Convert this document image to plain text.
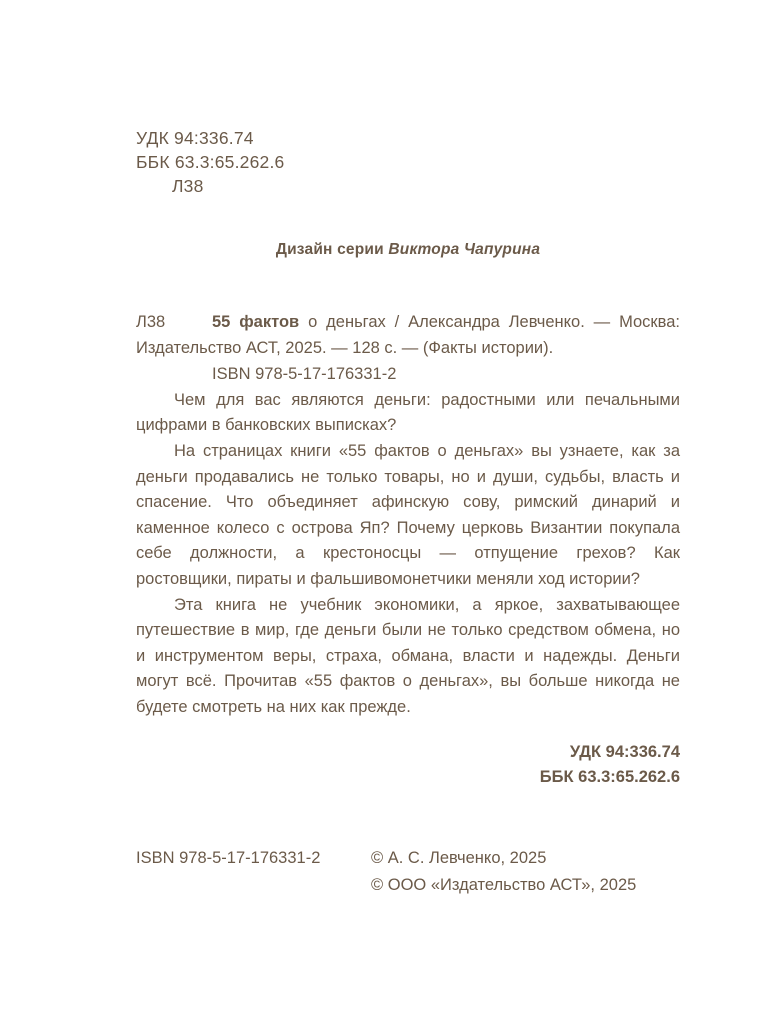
УДК 94:336.74
ББК 63.3:65.262.6
Л38
Дизайн серии Виктора Чапурина
Л38	55 фактов о деньгах / Александра Левченко. — Москва: Издательство АСТ, 2025. — 128 с. — (Факты истории).
ISBN 978-5-17-176331-2
Чем для вас являются деньги: радостными или печальными цифрами в банковских выписках?
На страницах книги «55 фактов о деньгах» вы узнаете, как за деньги продавались не только товары, но и души, судьбы, власть и спасение. Что объединяет афинскую сову, римский динарий и каменное колесо с острова Яп? Почему церковь Византии покупала себе должности, а крестоносцы — отпущение грехов? Как ростовщики, пираты и фальшивомонетчики меняли ход истории?
Эта книга не учебник экономики, а яркое, захватывающее путешествие в мир, где деньги были не только средством обмена, но и инструментом веры, страха, обмана, власти и надежды. Деньги могут всё. Прочитав «55 фактов о деньгах», вы больше никогда не будете смотреть на них как прежде.
УДК 94:336.74
ББК 63.3:65.262.6
ISBN 978-5-17-176331-2	© А. С. Левченко, 2025
© ООО «Издательство АСТ», 2025
